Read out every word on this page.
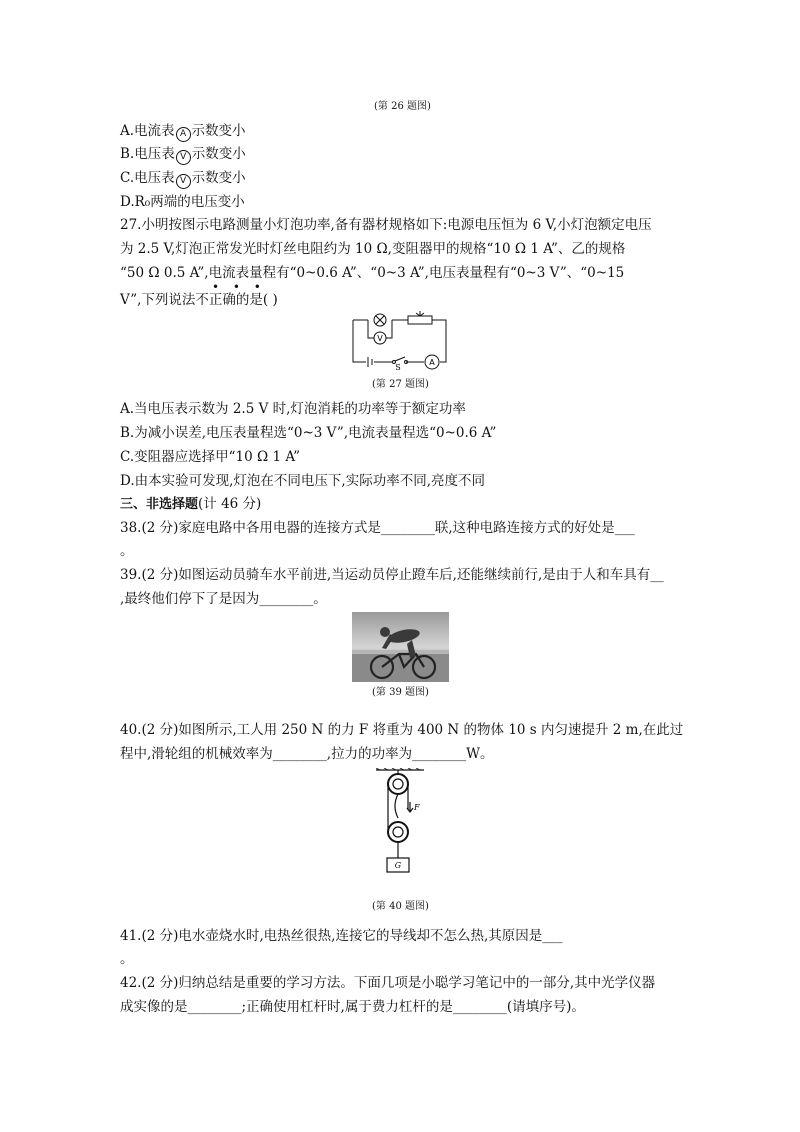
(第 26 题图)
A.电流表 A 示数变小
B.电压表 V 示数变小
C.电压表 V 示数变小
D.R₀两端的电压变小
27.小明按图示电路测量小灯泡功率,备有器材规格如下:电源电压恒为 6 V,小灯泡额定电压
为 2.5 V,灯泡正常发光时灯丝电阻约为 10 Ω,变阻器甲的规格“10 Ω 1 A”、乙的规格
“50 Ω 0.5 A”,电流表量程有“0~0.6 A”、“0~3 A”,电压表量程有“0~3 V”、“0~15
• • •
V”,下列说法不正确的是( )
V
A
S
(第 27 题图)
A.当电压表示数为 2.5 V 时,灯泡消耗的功率等于额定功率
B.为减小误差,电压表量程选“0~3 V”,电流表量程选“0~0.6 A”
C.变阻器应选择甲“10 Ω 1 A”
D.由本实验可发现,灯泡在不同电压下,实际功率不同,亮度不同
三、非选择题(计 46 分)
38.(2 分)家庭电路中各用电器的连接方式是________联,这种电路连接方式的好处是___
。
39.(2 分)如图运动员骑车水平前进,当运动员停止蹬车后,还能继续前行,是由于人和车具有__
,最终他们停下了是因为________。
(第 39 题图)
40.(2 分)如图所示,工人用 250 N 的力 F 将重为 400 N 的物体 10 s 内匀速提升 2 m,在此过
程中,滑轮组的机械效率为________,拉力的功率为________W。
F
G
(第 40 题图)
41.(2 分)电水壶烧水时,电热丝很热,连接它的导线却不怎么热,其原因是___
。
42.(2 分)归纳总结是重要的学习方法。下面几项是小聪学习笔记中的一部分,其中光学仪器
成实像的是________;正确使用杠杆时,属于费力杠杆的是________(请填序号)。
